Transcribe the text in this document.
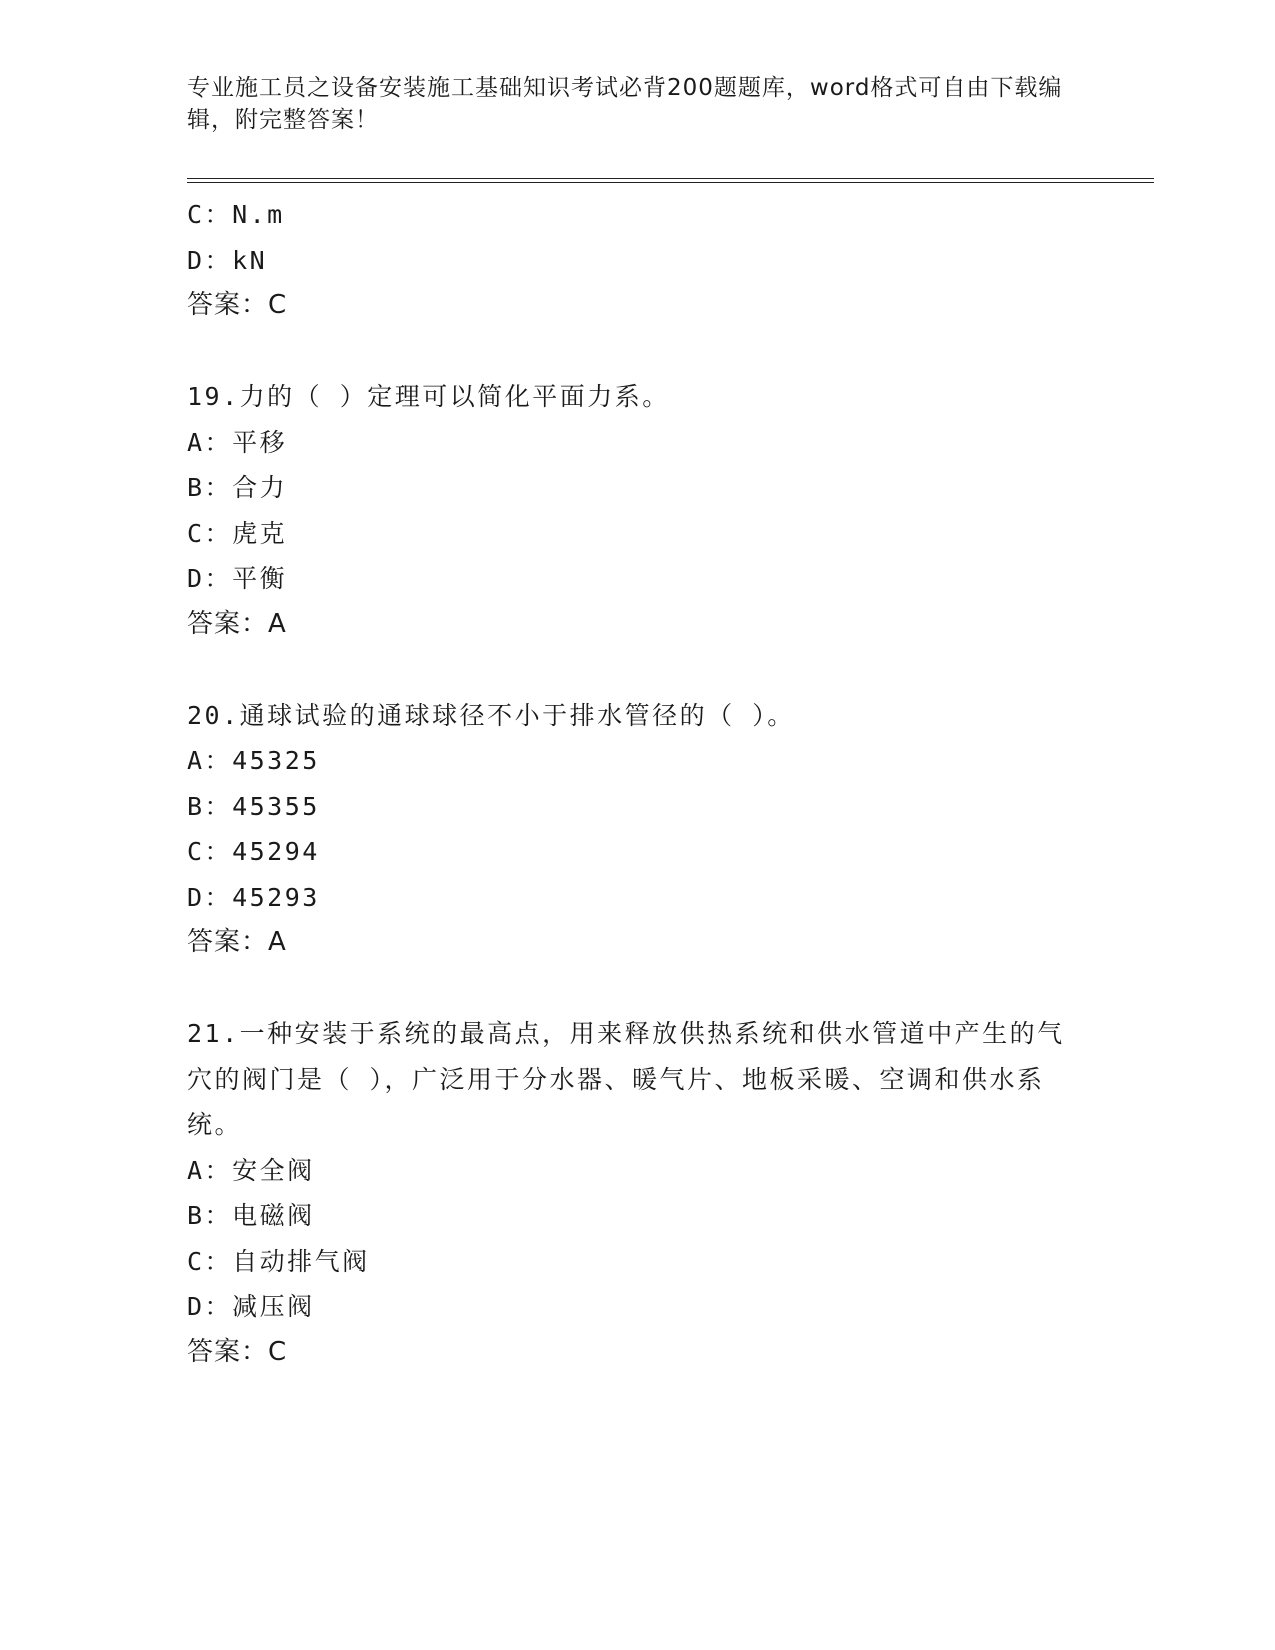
专业施工员之设备安装施工基础知识考试必背200题题库，word格式可自由下载编辑，附完整答案！
C：N.m
D：kN
答案：C
19.力的（ ）定理可以简化平面力系。
A：平移
B：合力
C：虎克
D：平衡
答案：A
20.通球试验的通球球径不小于排水管径的（ ）。
A：45325
B：45355
C：45294
D：45293
答案：A
21.一种安装于系统的最高点，用来释放供热系统和供水管道中产生的气穴的阀门是（ ），广泛用于分水器、暖气片、地板采暖、空调和供水系统。
A：安全阀
B：电磁阀
C：自动排气阀
D：减压阀
答案：C
